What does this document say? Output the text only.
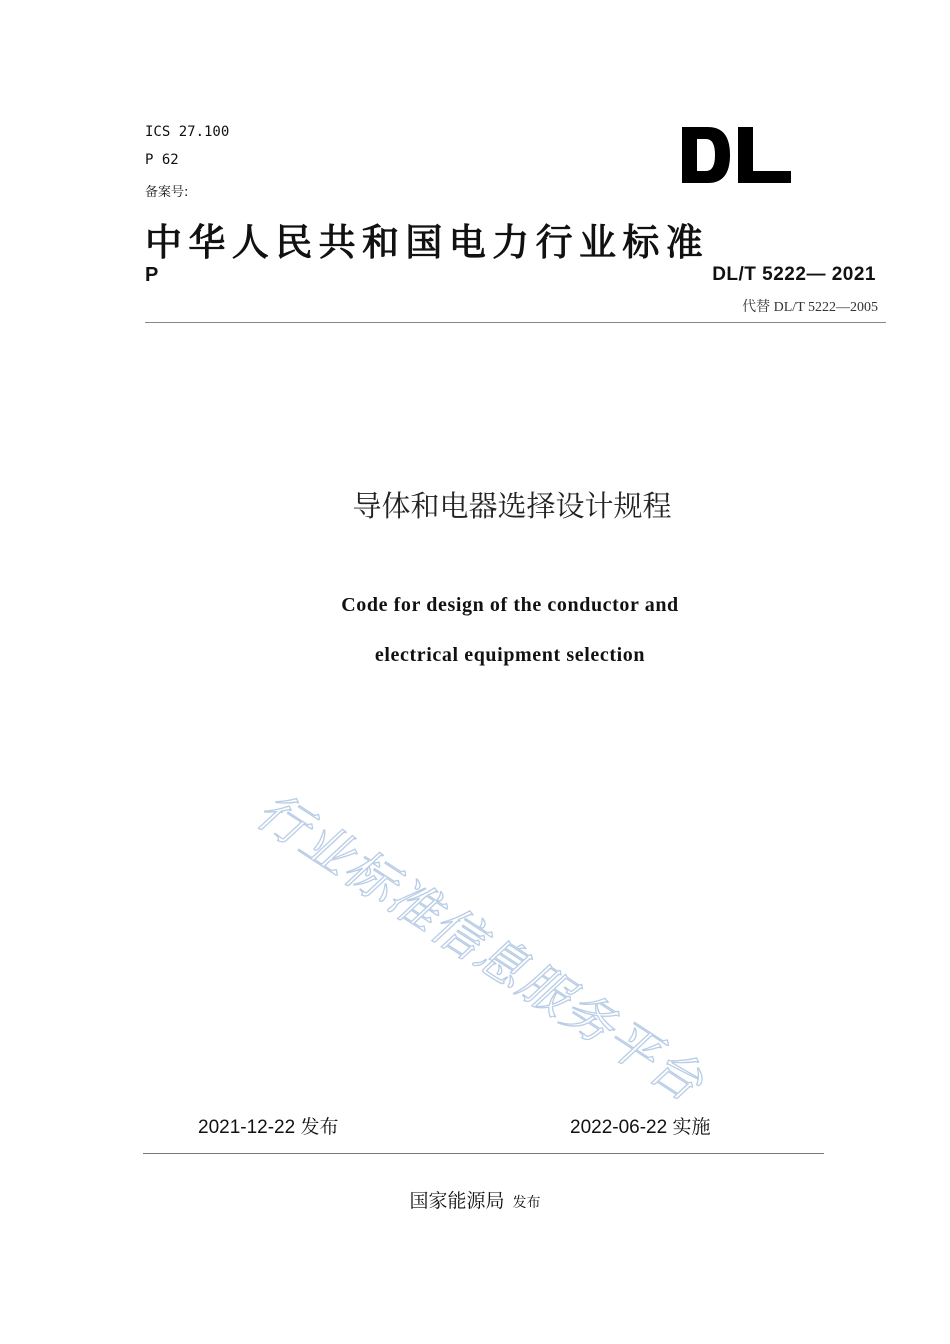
ICS 27.100
P 62
备案号:
中华人民共和国电力行业标准
P	DL/T 5222— 2021
代替 DL/T 5222—2005
导体和电器选择设计规程
Code for design of the conductor and
electrical equipment selection
行业标准信息服务平台
2021-12-22 发布	2022-06-22 实施
国家能源局 发布
